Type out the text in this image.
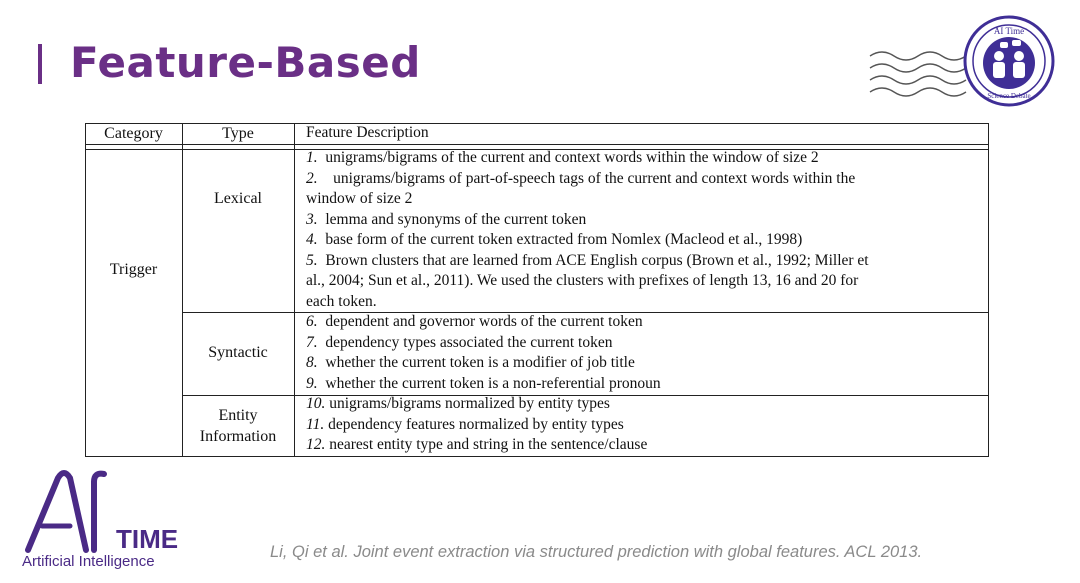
Feature-Based
AI Time
Science Debate
Category	Type	Feature Description
Trigger
Lexical
Syntactic
Entity
Information
1. unigrams/bigrams of the current and context words within the window of size 2
2. unigrams/bigrams of part-of-speech tags of the current and context words within the
window of size 2
3. lemma and synonyms of the current token
4. base form of the current token extracted from Nomlex (Macleod et al., 1998)
5. Brown clusters that are learned from ACE English corpus (Brown et al., 1992; Miller et
al., 2004; Sun et al., 2011). We used the clusters with prefixes of length 13, 16 and 20 for
each token.
6. dependent and governor words of the current token
7. dependency types associated the current token
8. whether the current token is a modifier of job title
9. whether the current token is a non-referential pronoun
10. unigrams/bigrams normalized by entity types
11. dependency features normalized by entity types
12. nearest entity type and string in the sentence/clause
TIME
Artificial Intelligence
Li, Qi et al. Joint event extraction via structured prediction with global features. ACL 2013.
